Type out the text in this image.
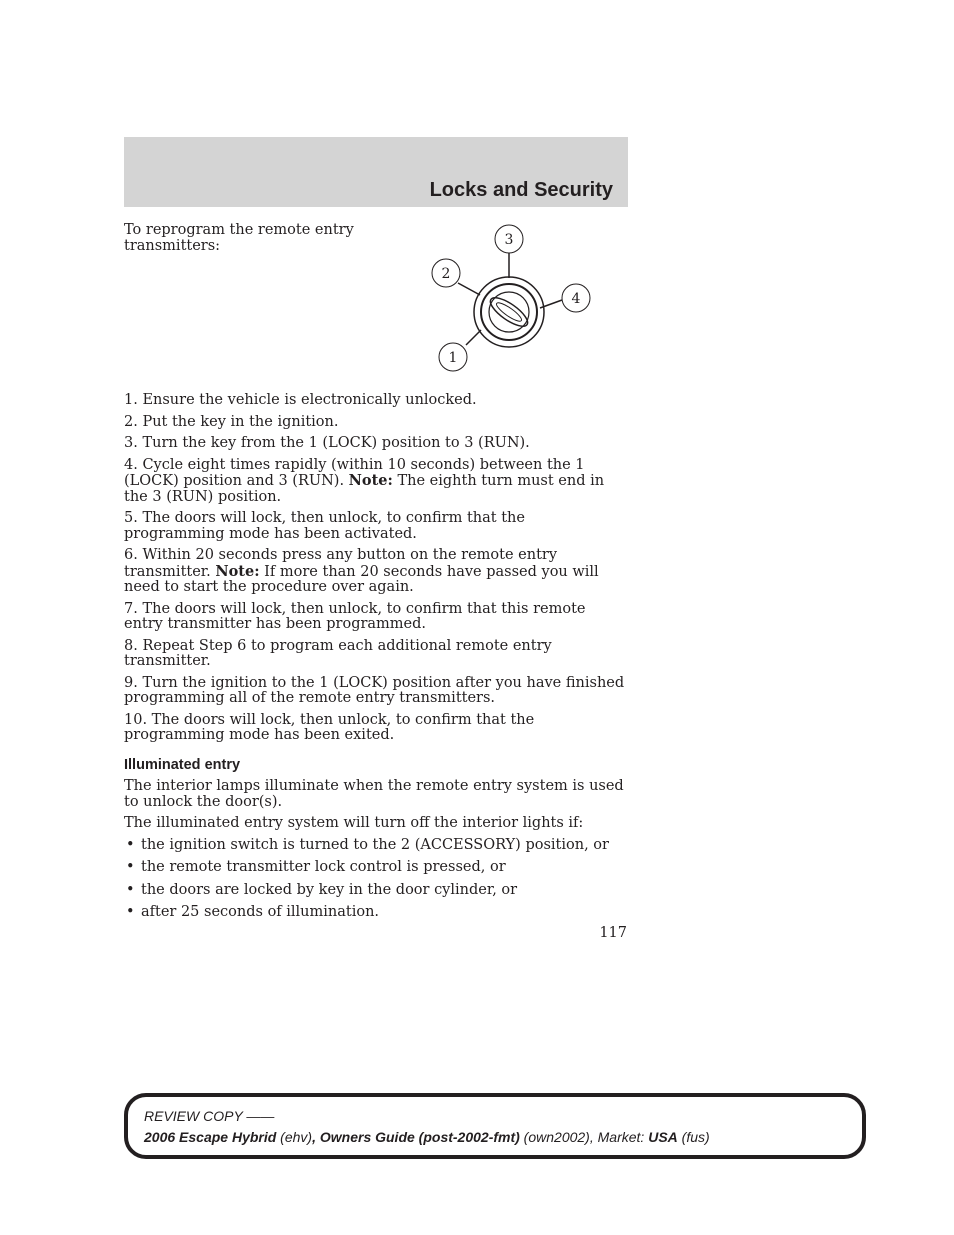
Locks and Security
To reprogram the remote entry transmitters:
1
2
3
4

1. Ensure the vehicle is electronically unlocked.

2. Put the key in the ignition.

3. Turn the key from the 1 (LOCK) position to 3 (RUN).

4. Cycle eight times rapidly (within 10 seconds) between the 1 (LOCK) position and 3 (RUN). Note: The eighth turn must end in the 3 (RUN) position.

5. The doors will lock, then unlock, to confirm that the programming mode has been activated.

6. Within 20 seconds press any button on the remote entry transmitter. Note: If more than 20 seconds have passed you will need to start the procedure over again.

7. The doors will lock, then unlock, to confirm that this remote entry transmitter has been programmed.

8. Repeat Step 6 to program each additional remote entry transmitter.

9. Turn the ignition to the 1 (LOCK) position after you have finished programming all of the remote entry transmitters.

10. The doors will lock, then unlock, to confirm that the programming mode has been exited.

Illuminated entry

The interior lamps illuminate when the remote entry system is used to unlock the door(s).

The illuminated entry system will turn off the interior lights if:

• the ignition switch is turned to the 2 (ACCESSORY) position, or
• the remote transmitter lock control is pressed, or
• the doors are locked by key in the door cylinder, or
• after 25 seconds of illumination.
117
REVIEW COPY ——
2006 Escape Hybrid (ehv), Owners Guide (post-2002-fmt) (own2002), Market: USA (fus)
